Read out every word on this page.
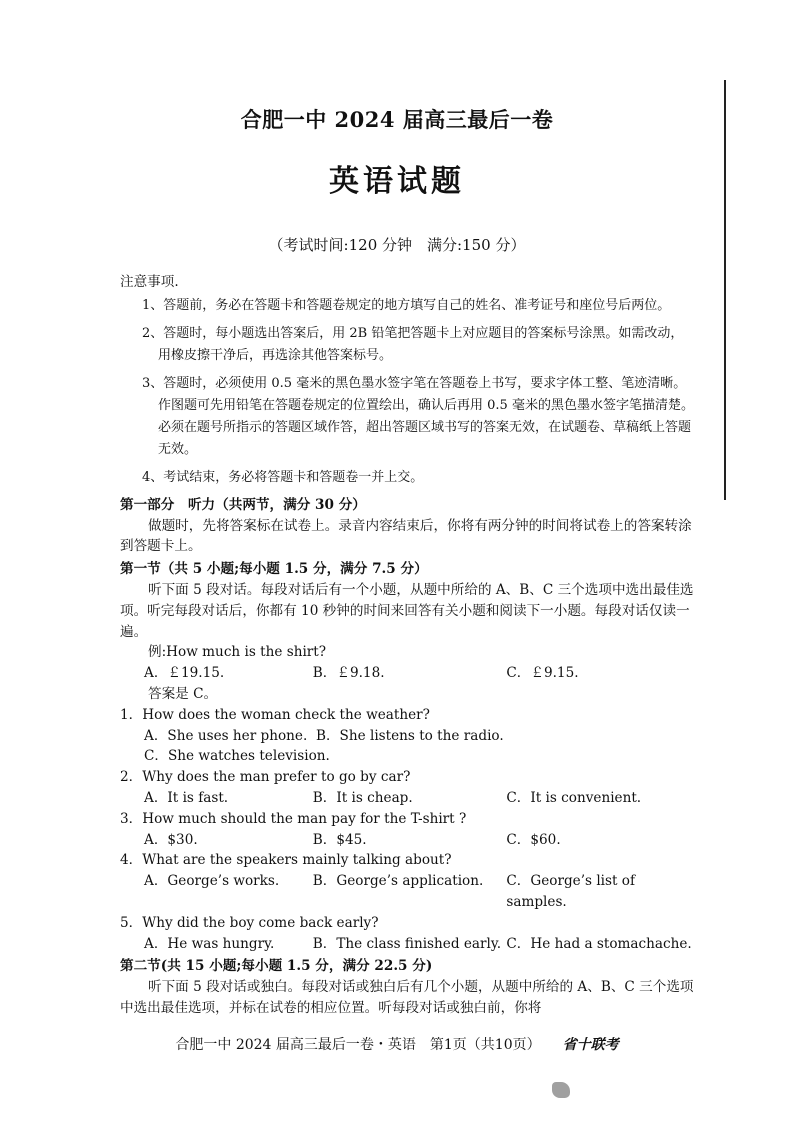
合肥一中 2024 届高三最后一卷
英语试题
（考试时间:120 分钟　满分:150 分）

注意事项.

1、答题前，务必在答题卡和答题卷规定的地方填写自己的姓名、准考证号和座位号后两位。

2、答题时，每小题选出答案后，用 2B 铅笔把答题卡上对应题目的答案标号涂黑。如需改动，用橡皮擦干净后，再选涂其他答案标号。

3、答题时，必须使用 0.5 毫米的黑色墨水签字笔在答题卷上书写，要求字体工整、笔迹清晰。作图题可先用铅笔在答题卷规定的位置绘出，确认后再用 0.5 毫米的黑色墨水签字笔描清楚。必须在题号所指示的答题区域作答，超出答题区域书写的答案无效，在试题卷、草稿纸上答题无效。

4、考试结束，务必将答题卡和答题卷一并上交。

第一部分　听力（共两节，满分 30 分）

做题时，先将答案标在试卷上。录音内容结束后，你将有两分钟的时间将试卷上的答案转涂到答题卡上。

第一节（共 5 小题;每小题 1.5 分，满分 7.5 分）

听下面 5 段对话。每段对话后有一个小题，从题中所给的 A、B、C 三个选项中选出最佳选项。听完每段对话后，你都有 10 秒钟的时间来回答有关小题和阅读下一小题。每段对话仅读一遍。

例:How much is the shirt?

A．￡19.15.	B．￡9.18.	C．￡9.15.

答案是 C。

1．How does the woman check the weather?

A．She uses her phone. B．She listens to the radio.

C．She watches television.

2．Why does the man prefer to go by car?

A．It is fast.	B．It is cheap.	C．It is convenient.

3．How much should the man pay for the T-shirt ?

A．$30.	B．$45.	C．$60.

4．What are the speakers mainly talking about?

A．George’s works.	B．George’s application.	C．George’s list of samples.

5．Why did the boy come back early?

A．He was hungry.	B．The class finished early. C．He had a stomachache.
第二节(共 15 小题;每小题 1.5 分，满分 22.5 分)

听下面 5 段对话或独白。每段对话或独白后有几个小题，从题中所给的 A、B、C 三个选项中选出最佳选项，并标在试卷的相应位置。听每段对话或独白前，你将

合肥一中 2024 届高三最后一卷・英语　第1页（共10页） 省十联考
